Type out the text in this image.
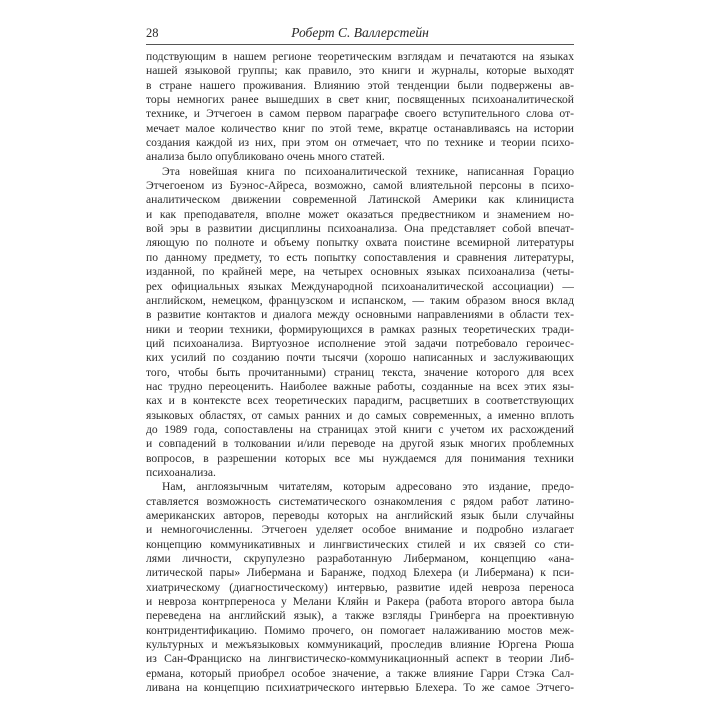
28	Роберт С. Валлерстейн
подствующим в нашем регионе теоретическим взглядам и печатаются на языках
нашей языковой группы; как правило, это книги и журналы, которые выходят
в стране нашего проживания. Влиянию этой тенденции были подвержены ав-
торы немногих ранее вышедших в свет книг, посвященных психоаналитической
технике, и Этчегоен в самом первом параграфе своего вступительного слова от-
мечает малое количество книг по этой теме, вкратце останавливаясь на истории
создания каждой из них, при этом он отмечает, что по технике и теории психо-
анализа было опубликовано очень много статей.
Эта новейшая книга по психоаналитической технике, написанная Горацио
Этчегоеном из Буэнос-Айреса, возможно, самой влиятельной персоны в психо-
аналитическом движении современной Латинской Америки как клинициста
и как преподавателя, вполне может оказаться предвестником и знамением но-
вой эры в развитии дисциплины психоанализа. Она представляет собой впечат-
ляющую по полноте и объему попытку охвата поистине всемирной литературы
по данному предмету, то есть попытку сопоставления и сравнения литературы,
изданной, по крайней мере, на четырех основных языках психоанализа (четы-
рех официальных языках Международной психоаналитической ассоциации) —
английском, немецком, французском и испанском, — таким образом внося вклад
в развитие контактов и диалога между основными направлениями в области тех-
ники и теории техники, формирующихся в рамках разных теоретических тради-
ций психоанализа. Виртуозное исполнение этой задачи потребовало героичес-
ких усилий по созданию почти тысячи (хорошо написанных и заслуживающих
того, чтобы быть прочитанными) страниц текста, значение которого для всех
нас трудно переоценить. Наиболее важные работы, созданные на всех этих язы-
ках и в контексте всех теоретических парадигм, расцветших в соответствующих
языковых областях, от самых ранних и до самых современных, а именно вплоть
до 1989 года, сопоставлены на страницах этой книги с учетом их расхождений
и совпадений в толковании и/или переводе на другой язык многих проблемных
вопросов, в разрешении которых все мы нуждаемся для понимания техники
психоанализа.
Нам, англоязычным читателям, которым адресовано это издание, предо-
ставляется возможность систематического ознакомления с рядом работ латино-
американских авторов, переводы которых на английский язык были случайны
и немногочисленны. Этчегоен уделяет особое внимание и подробно излагает
концепцию коммуникативных и лингвистических стилей и их связей со сти-
лями личности, скрупулезно разработанную Либерманом, концепцию «ана-
литической пары» Либермана и Баранже, подход Блехера (и Либермана) к пси-
хиатрическому (диагностическому) интервью, развитие идей невроза переноса
и невроза контрпереноса у Мелани Кляйн и Ракера (работа второго автора была
переведена на английский язык), а также взгляды Гринберга на проективную
контридентификацию. Помимо прочего, он помогает налаживанию мостов меж-
культурных и межъязыковых коммуникаций, проследив влияние Юргена Рюша
из Сан-Франциско на лингвистическо-коммуникационный аспект в теории Либ-
ермана, который приобрел особое значение, а также влияние Гарри Стэка Сал-
ливана на концепцию психиатрического интервью Блехера. То же самое Этчего-
